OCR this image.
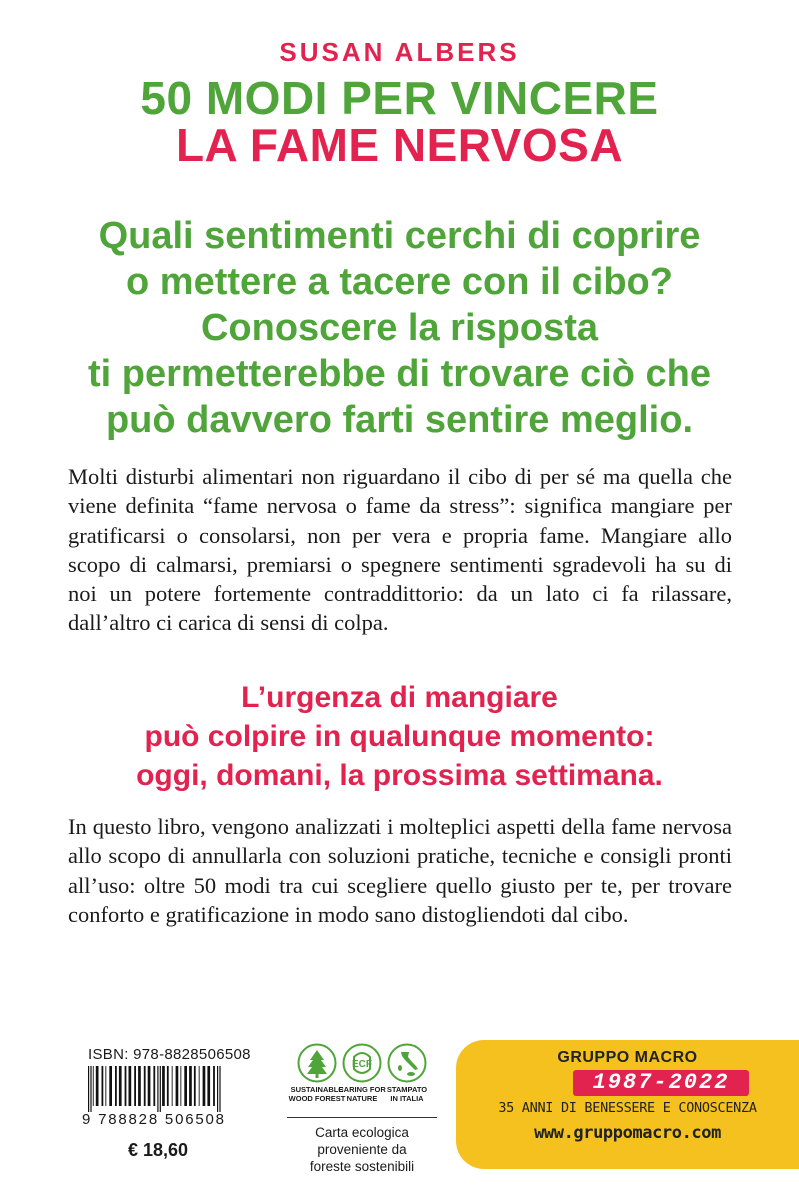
SUSAN ALBERS
50 MODI PER VINCERE
LA FAME NERVOSA
Quali sentimenti cerchi di coprire
o mettere a tacere con il cibo?
Conoscere la risposta
ti permetterebbe di trovare ciò che
può davvero farti sentire meglio.
Molti disturbi alimentari non riguardano il cibo di per sé ma quella che viene definita “fame nervosa o fame da stress”: significa mangiare per gratificarsi o consolarsi, non per vera e propria fame. Mangiare allo scopo di calmarsi, premiarsi o spegnere sentimenti sgradevoli ha su di noi un potere fortemente contraddittorio: da un lato ci fa rilassare, dall’altro ci carica di sensi di colpa.
L’urgenza di mangiare
può colpire in qualunque momento:
oggi, domani, la prossima settimana.
In questo libro, vengono analizzati i molteplici aspetti della fame nervosa allo scopo di annullarla con soluzioni pratiche, tecniche e consigli pronti all’uso: oltre 50 modi tra cui scegliere quello giusto per te, per trovare conforto e gratificazione in modo sano distogliendoti dal cibo.
ISBN: 978-8828506508
9 788828 506508
€ 18,60
SUSTAINABLE
WOOD FOREST
ECF
CARING FOR
NATURE
STAMPATO
IN ITALIA
Carta ecologica
proveniente da
foreste sostenibili
GRUPPO MACRO
1987-2022
35 ANNI DI BENESSERE E CONOSCENZA
www.gruppomacro.com
